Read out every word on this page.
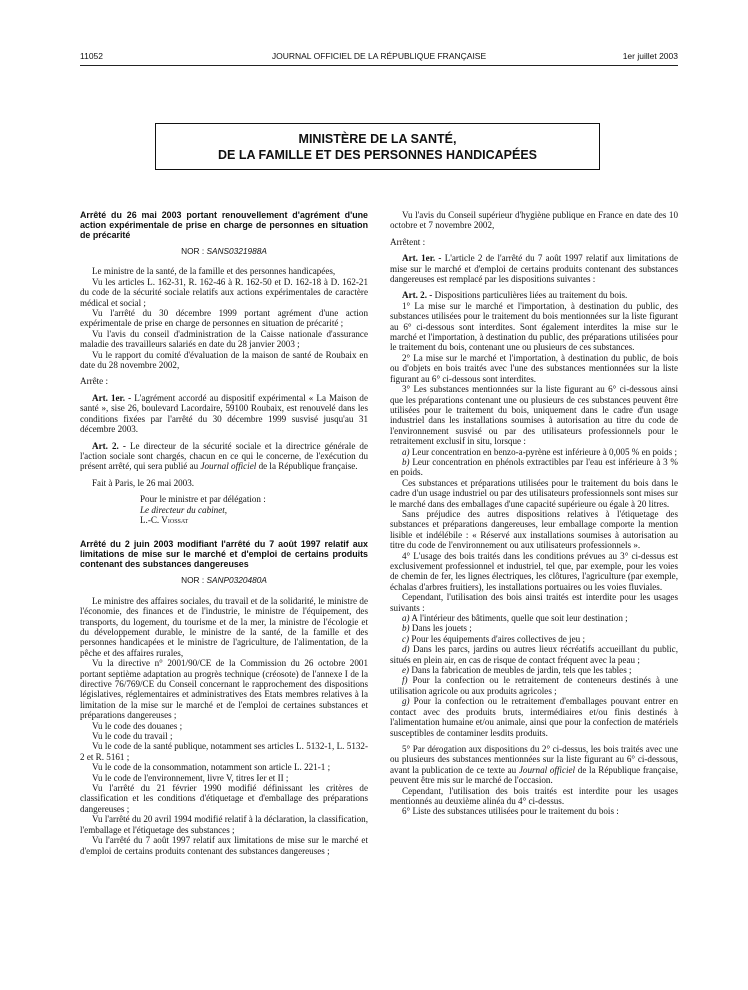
11052	JOURNAL OFFICIEL DE LA RÉPUBLIQUE FRANÇAISE	1er juillet 2003
MINISTÈRE DE LA SANTÉ,
DE LA FAMILLE ET DES PERSONNES HANDICAPÉES

Arrêté du 26 mai 2003 portant renouvellement d'agrément d'une action expérimentale de prise en charge de personnes en situation de précarité

NOR : SANS0321988A

Le ministre de la santé, de la famille et des personnes handicapées,

Vu les articles L. 162-31, R. 162-46 à R. 162-50 et D. 162-18 à D. 162-21 du code de la sécurité sociale relatifs aux actions expérimentales de caractère médical et social ;

Vu l'arrêté du 30 décembre 1999 portant agrément d'une action expérimentale de prise en charge de personnes en situation de précarité ;

Vu l'avis du conseil d'administration de la Caisse nationale d'assurance maladie des travailleurs salariés en date du 28 janvier 2003 ;

Vu le rapport du comité d'évaluation de la maison de santé de Roubaix en date du 28 novembre 2002,

Arrête :

Art. 1er. - L'agrément accordé au dispositif expérimental « La Maison de santé », sise 26, boulevard Lacordaire, 59100 Roubaix, est renouvelé dans les conditions fixées par l'arrêté du 30 décembre 1999 susvisé jusqu'au 31 décembre 2003.

Art. 2. - Le directeur de la sécurité sociale et la directrice générale de l'action sociale sont chargés, chacun en ce qui le concerne, de l'exécution du présent arrêté, qui sera publié au Journal officiel de la République française.

Fait à Paris, le 26 mai 2003.

Pour le ministre et par délégation :

Le directeur du cabinet,

L.-C. Viossat

Arrêté du 2 juin 2003 modifiant l'arrêté du 7 août 1997 relatif aux limitations de mise sur le marché et d'emploi de certains produits contenant des substances dangereuses

NOR : SANP0320480A

Le ministre des affaires sociales, du travail et de la solidarité, le ministre de l'économie, des finances et de l'industrie, le ministre de l'équipement, des transports, du logement, du tourisme et de la mer, la ministre de l'écologie et du développement durable, le ministre de la santé, de la famille et des personnes handicapées et le ministre de l'agriculture, de l'alimentation, de la pêche et des affaires rurales,

Vu la directive n° 2001/90/CE de la Commission du 26 octobre 2001 portant septième adaptation au progrès technique (créosote) de l'annexe I de la directive 76/769/CE du Conseil concernant le rapprochement des dispositions législatives, réglementaires et administratives des Etats membres relatives à la limitation de la mise sur le marché et de l'emploi de certaines substances et préparations dangereuses ;

Vu le code des douanes ;

Vu le code du travail ;

Vu le code de la santé publique, notamment ses articles L. 5132-1, L. 5132-2 et R. 5161 ;

Vu le code de la consommation, notamment son article L. 221-1 ;

Vu le code de l'environnement, livre V, titres Ier et II ;

Vu l'arrêté du 21 février 1990 modifié définissant les critères de classification et les conditions d'étiquetage et d'emballage des préparations dangereuses ;

Vu l'arrêté du 20 avril 1994 modifié relatif à la déclaration, la classification, l'emballage et l'étiquetage des substances ;

Vu l'arrêté du 7 août 1997 relatif aux limitations de mise sur le marché et d'emploi de certains produits contenant des substances dangereuses ;

Vu l'avis du Conseil supérieur d'hygiène publique en France en date des 10 octobre et 7 novembre 2002,

Arrêtent :

Art. 1er. - L'article 2 de l'arrêté du 7 août 1997 relatif aux limitations de mise sur le marché et d'emploi de certains produits contenant des substances dangereuses est remplacé par les dispositions suivantes :

Art. 2. - Dispositions particulières liées au traitement du bois.

1° La mise sur le marché et l'importation, à destination du public, des substances utilisées pour le traitement du bois mentionnées sur la liste figurant au 6° ci-dessous sont interdites. Sont également interdites la mise sur le marché et l'importation, à destination du public, des préparations utilisées pour le traitement du bois, contenant une ou plusieurs de ces substances.

2° La mise sur le marché et l'importation, à destination du public, de bois ou d'objets en bois traités avec l'une des substances mentionnées sur la liste figurant au 6° ci-dessous sont interdites.

3° Les substances mentionnées sur la liste figurant au 6° ci-dessous ainsi que les préparations contenant une ou plusieurs de ces substances peuvent être utilisées pour le traitement du bois, uniquement dans le cadre d'un usage industriel dans les installations soumises à autorisation au titre du code de l'environnement susvisé ou par des utilisateurs professionnels pour le retraitement exclusif in situ, lorsque :

a) Leur concentration en benzo-a-pyrène est inférieure à 0,005 % en poids ;

b) Leur concentration en phénols extractibles par l'eau est inférieure à 3 % en poids.

Ces substances et préparations utilisées pour le traitement du bois dans le cadre d'un usage industriel ou par des utilisateurs professionnels sont mises sur le marché dans des emballages d'une capacité supérieure ou égale à 20 litres.

Sans préjudice des autres dispositions relatives à l'étiquetage des substances et préparations dangereuses, leur emballage comporte la mention lisible et indélébile : « Réservé aux installations soumises à autorisation au titre du code de l'environnement ou aux utilisateurs professionnels ».

4° L'usage des bois traités dans les conditions prévues au 3° ci-dessus est exclusivement professionnel et industriel, tel que, par exemple, pour les voies de chemin de fer, les lignes électriques, les clôtures, l'agriculture (par exemple, échalas d'arbres fruitiers), les installations portuaires ou les voies fluviales.

Cependant, l'utilisation des bois ainsi traités est interdite pour les usages suivants :

a) A l'intérieur des bâtiments, quelle que soit leur destination ;

b) Dans les jouets ;

c) Pour les équipements d'aires collectives de jeu ;

d) Dans les parcs, jardins ou autres lieux récréatifs accueillant du public, situés en plein air, en cas de risque de contact fréquent avec la peau ;

e) Dans la fabrication de meubles de jardin, tels que les tables ;

f) Pour la confection ou le retraitement de conteneurs destinés à une utilisation agricole ou aux produits agricoles ;

g) Pour la confection ou le retraitement d'emballages pouvant entrer en contact avec des produits bruts, intermédiaires et/ou finis destinés à l'alimentation humaine et/ou animale, ainsi que pour la confection de matériels susceptibles de contaminer lesdits produits.

5° Par dérogation aux dispositions du 2° ci-dessus, les bois traités avec une ou plusieurs des substances mentionnées sur la liste figurant au 6° ci-dessous, avant la publication de ce texte au Journal officiel de la République française, peuvent être mis sur le marché de l'occasion.

Cependant, l'utilisation des bois traités est interdite pour les usages mentionnés au deuxième alinéa du 4° ci-dessus.

6° Liste des substances utilisées pour le traitement du bois :
